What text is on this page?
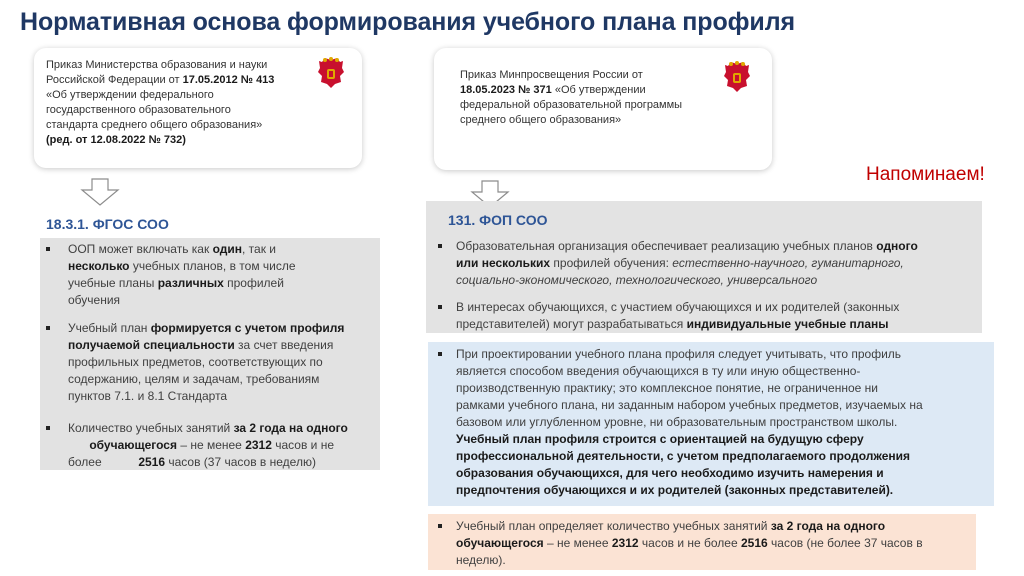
Нормативная основа формирования учебного плана профиля
Приказ Министерства образования и науки
Российской Федерации от 17.05.2012 № 413
«Об утверждении федерального
государственного образовательного
стандарта среднего общего образования»
(ред. от 12.08.2022 № 732)
Приказ Минпросвещения России от
18.05.2023 № 371 «Об утверждении
федеральной образовательной программы
среднего общего образования»
Напоминаем!
ООП может включать как один, так и
несколько учебных планов, в том числе
учебные планы различных профилей
обучения
Учебный план формируется с учетом профиля
получаемой специальности за счет введения
профильных предметов, соответствующих по
содержанию, целям и задачам, требованиям
пунктов 7.1. и 8.1 Стандарта
Количество учебных занятий за 2 года на одного
обучающегося – не менее 2312 часов и не
более	2516 часов (37 часов в неделю)
18.3.1. ФГОС СОО
Образовательная организация обеспечивает реализацию учебных планов одного
или нескольких профилей обучения: естественно-научного, гуманитарного,
социально-экономического, технологического, универсального
В интересах обучающихся, с участием обучающихся и их родителей (законных
представителей) могут разрабатываться индивидуальные учебные планы
131. ФОП СОО
При проектировании учебного плана профиля следует учитывать, что профиль
является способом введения обучающихся в ту или иную общественно-
производственную практику; это комплексное понятие, не ограниченное ни
рамками учебного плана, ни заданным набором учебных предметов, изучаемых на
базовом или углубленном уровне, ни образовательным пространством школы.
Учебный план профиля строится с ориентацией на будущую сферу
профессиональной деятельности, с учетом предполагаемого продолжения
образования обучающихся, для чего необходимо изучить намерения и
предпочтения обучающихся и их родителей (законных представителей).
Учебный план определяет количество учебных занятий за 2 года на одного
обучающегося – не менее 2312 часов и не более 2516 часов (не более 37 часов в
неделю).
